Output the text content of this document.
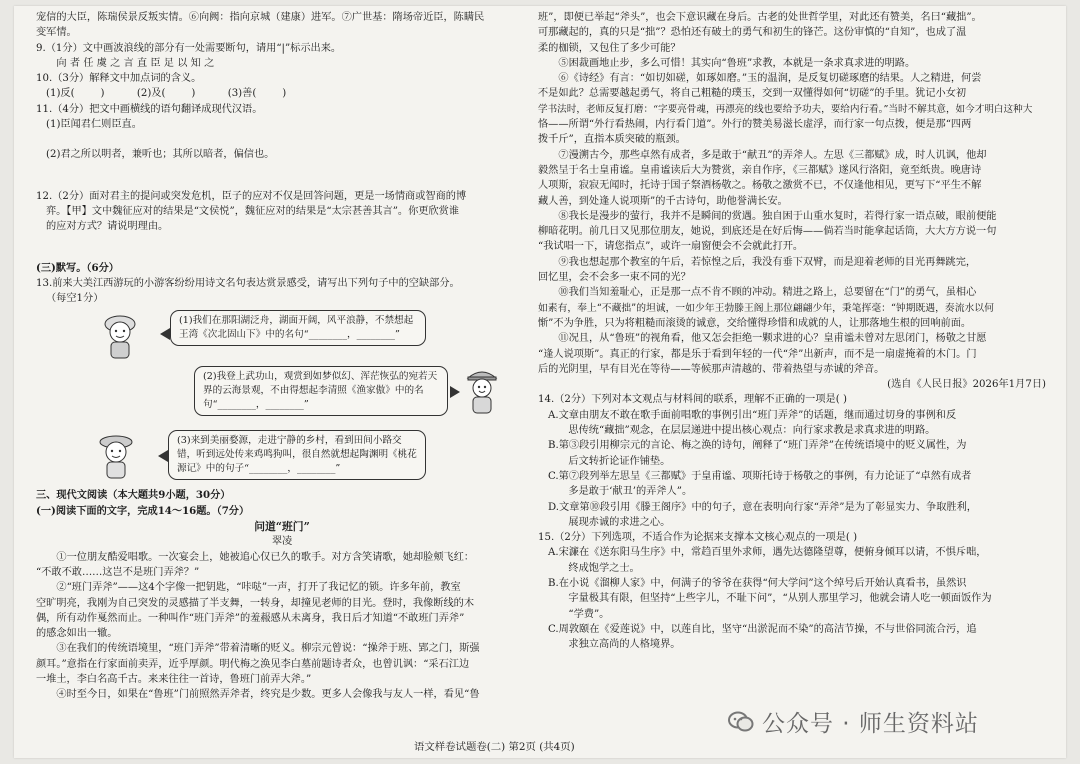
宠信的大臣，陈瑞侯景反叛实情。⑥向阙：指向京城（建康）进军。⑦广世基：隋场帝近臣，陈瞒民

变军情。

9.（1分）文中画波浪线的部分有一处需要断句，请用“|”标示出来。

向 者 任 虞 之 言 直 臣 足 以 知 之

10.（3分）解释文中加点词的含义。

(1)反(        )          (2)及(        )          (3)善(        )

11.（4分）把文中画横线的语句翻译成现代汉语。

(1)臣闻君仁则臣直。

(2)君之所以明者，兼听也；其所以暗者，偏信也。

12.（2分）面对君主的提问或突发危机，臣子的应对不仅是回答问题，更是一场情商或智商的博

弈。【甲】文中魏征应对的结果是“文侯悦”，魏征应对的结果是“太宗甚善其言”。你更欣赏谁

的应对方式？请说明理由。

(三)默写。（6分）

13.前来大美江西游玩的小游客纷纷用诗文名句表达赏景感受，请写出下列句子中的空缺部分。

（每空1分）

(1)我们在那阳湖泛舟，湖面开阔，风平浪静，不禁想起王湾《次北固山下》中的名句“________，________”
(2)我登上武功山，观赏到如梦似幻、浑茫恢弘的宛若天界的云海景观，不由得想起李清照《渔家傲》中的名句“________，________”
(3)来到美丽婺源，走进宁静的乡村，看到田间小路交错，听到远处传来鸡鸣狗叫，很自然就想起陶渊明《桃花源记》中的句子“________，________”

三、现代文阅读（本大题共9小题，30分）

(一)阅读下面的文字，完成14～16题。（7分）

问道“班门”

翠凌

①一位朋友酷爱唱歌。一次宴会上，她被追心仅已久的歌手。对方含笑请歌，她却脸颊飞红：

“不敢不敢……这岂不是班门弄斧？”

②“班门弄斧”——这4个字像一把钥匙，“咔哒”一声，打开了我记忆的锁。许多年前，教室

空旷明亮，我刚为自己突发的灵感描了半支舞，一转身，却撞见老师的目光。登时，我像断线的木

偶，所有动作戛然而止。一种叫作“班门弄斧”的羞赧感从未离身，我日后才知道“不敢班门弄斧”

的感念如出一辙。

③在我们的传统语境里，“班门弄斧”带着清晰的贬义。柳宗元曾说：“操斧于班、郢之门，斯强

颜耳。”意指在行家面前卖弄，近乎厚颜。明代梅之涣见李白墓前题诗者众，也曾讥讽：“采石江边

一堆土，李白名高千古。来来往往一首诗，鲁班门前弄大斧。”

④时至今日，如果在“鲁班”门前照然弄斧者，终究是少数。更多人会像我与友人一样，看见“鲁

班”，即便已举起“斧头”，也会下意识藏在身后。古老的处世哲学里，对此还有赞美，名曰“藏拙”。

可那藏起的，真的只是“拙”？恐怕还有破土的勇气和初生的锋芒。这份审慎的“自知”，也成了温

柔的枷锁，又包住了多少可能？

⑤困裁画地止步，多么可惜！其实向“鲁班”求教，本就是一条求真求进的明路。

⑥《诗经》有言：“如切如磋，如琢如磨。”玉的温润，是反复切磋琢磨的结果。人之精进，何尝

不是如此？总需要越起勇气，将自己粗糙的璞玉，交到一双懂得如何“切磋”的手里。犹记小女初

学书法时，老师反复打磨：“字要亮骨魂，再漂亮的线也要给予功夫，要给内行看。”当时不解其意，如今才明白这种大

恪——所谓“外行看热闹，内行看门道”。外行的赞美易滋长虚浮，而行家一句点拨，便是那“四两

拨千斤”，直指本质突破的瓶颈。

⑦漫溯古今，那些卓然有成者，多是敢于“献丑”的弄斧人。左思《三都赋》成，时人讥讽，他却

毅然呈于名士皇甫谧。皇甫谧读后大为赞赏，亲自作序，《三都赋》遂风行洛阳，竟至纸贵。晚唐诗

人项斯，寂寂无闻时，托诗于国子祭酒杨敬之。杨敬之激赏不已，不仅逢他相见，更写下“平生不解

藏人善，到处逢人说项斯”的千古诗句，助他誉满长安。

⑧我长是漫步的萤行，我并不是瞬间的赏遇。独自困于山重水复时，若得行家一语点破，眼前便能

柳暗花明。前几日又见那位朋友，她说，到底还是在好后悔——倘若当时能拿起话筒，大大方方说一句

“我试唱一下，请您指点”，或许一扇窗便会不会就此打开。

⑨我也想起那个教室的午后，若惊惶之后，我没有垂下双臂，而是迎着老师的目光再舞跳完，

回忆里，会不会多一束不同的光？

⑩我们当知羞耻心，正是那一点不肯不顾的冲动。精进之路上，总要留在“门”的勇气，虽相心

如素有，奉上“不藏拙”的坦诚，一如少年王勃滕王阁上那位翩翩少年，秉笔挥毫：“钟期既遇，奏流水以何

惭”不为争胜，只为将粗糙而滚烫的诚意，交给懂得珍惜和成就的人，让那落地生根的回响前面。

⑪况且，从“鲁班”的视角看，他又怎会拒绝一颗求进的心？皇甫谧未曾对左思闭门，杨敬之甘愿

“逢人说项斯”。真正的行家，都是乐于看到年轻的一代“斧”出新声，而不是一扇虚掩着的木门。门

后的光阴里，早有目光在等待——等候那声清越的、带着热望与赤诚的斧音。

(选自《人民日报》2026年1月7日)

14.（2分）下列对本文观点与材料间的联系，理解不正确的一项是( )

A.文章由朋友不敢在歌手面前唱歌的事例引出“班门弄斧”的话题，继而通过切身的事例和反

思传统“藏拙”观念，在层层递进中提出核心观点：向行家求教是求真求进的明路。

B.第③段引用柳宗元的言论、梅之涣的诗句，阐释了“班门弄斧”在传统语境中的贬义属性，为

后文转折论证作铺垫。

C.第⑦段列举左思呈《三都赋》于皇甫谧、项斯托诗于杨敬之的事例，有力论证了“卓然有成者

多是敢于‘献丑’的弄斧人”。

D.文章第⑩段引用《滕王阁序》中的句子，意在表明向行家“弄斧”是为了彰显实力、争取胜利，

展现赤诚的求进之心。

15.（2分）下列选项，不适合作为论据来支撑本文核心观点的一项是( )

A.宋濂在《送东阳马生序》中，常趋百里外求师，遇先达德隆望尊，便俯身倾耳以请，不惧斥咄，

终成饱学之士。

B.在小说《溜柳人家》中，何满子的爷爷在获得“何大学问”这个绰号后开始认真看书，虽然识

字量极其有限，但坚持“上些字儿，不耻下问”，“从别人那里学习，他就会请人吃一顿面饭作为

“学费”。

C.周敦颐在《爱莲说》中，以莲自比，坚守“出淤泥而不染”的高洁节操，不与世俗同流合污，追

求独立高尚的人格境界。

语文样卷试题卷(二) 第2页 (共4页)
公众号 · 师生资料站
